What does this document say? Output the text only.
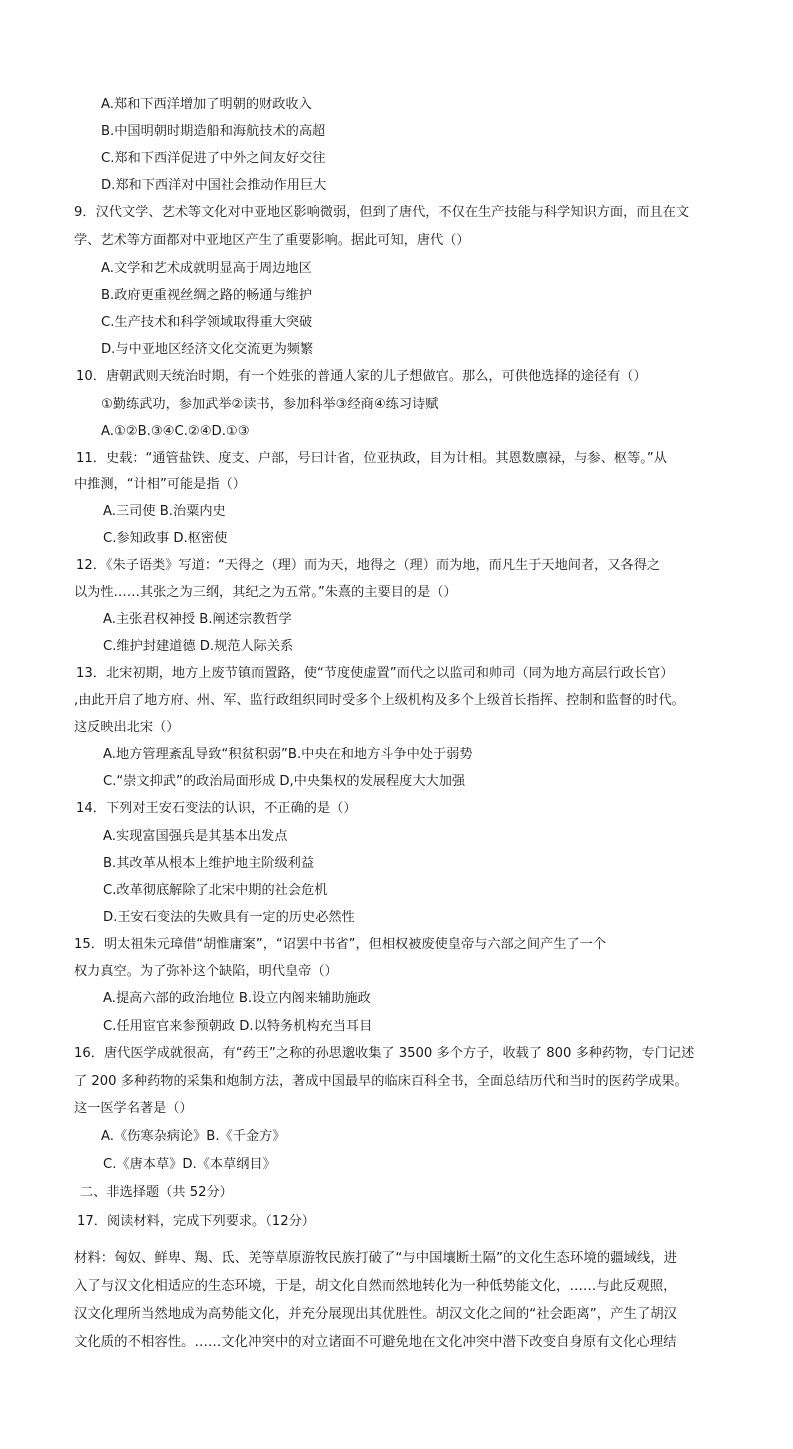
A.郑和下西洋增加了明朝的财政收入
B.中国明朝时期造船和海航技术的高超
C.郑和下西洋促进了中外之间友好交往
D.郑和下西洋对中国社会推动作用巨大
9．汉代文学、艺术等文化对中亚地区影响微弱，但到了唐代，不仅在生产技能与科学知识方面，而且在文
学、艺术等方面都对中亚地区产生了重要影响。据此可知，唐代（）
A.文学和艺术成就明显高于周边地区
B.政府更重视丝绸之路的畅通与维护
C.生产技术和科学领域取得重大突破
D.与中亚地区经济文化交流更为频繁
10．唐朝武则天统治时期，有一个姓张的普通人家的儿子想做官。那么，可供他选择的途径有（）
①勤练武功，参加武举②读书，参加科举③经商④练习诗赋
A.①②B.③④C.②④D.①③
11．史载：“通管盐铁、度支、户部，号曰计省，位亚执政，目为计相。其恩数廪禄，与参、枢等。”从
中推测，“计相”可能是指（）
A.三司使 B.治粟内史
C.参知政事 D.枢密使
12．《朱子语类》写道：“天得之（理）而为天，地得之（理）而为地，而凡生于天地间者，又各得之
以为性……其张之为三纲，其纪之为五常。”朱熹的主要目的是（）
A.主张君权神授 B.阐述宗教哲学
C.维护封建道德 D.规范人际关系
13．北宋初期，地方上废节镇而置路，使“节度使虚置”而代之以监司和帅司（同为地方高层行政长官）
,由此开启了地方府、州、军、监行政组织同时受多个上级机构及多个上级首长指挥、控制和监督的时代。
这反映出北宋（）
A.地方管理紊乱导致“积贫积弱”B.中央在和地方斗争中处于弱势
C.“崇文抑武”的政治局面形成 D,中央集权的发展程度大大加强
14．下列对王安石变法的认识，不正确的是（）
A.实现富国强兵是其基本出发点
B.其改革从根本上维护地主阶级利益
C.改革彻底解除了北宋中期的社会危机
D.王安石变法的失败具有一定的历史必然性
15．明太祖朱元璋借“胡惟庸案”，“诏罢中书省”，但相权被废使皇帝与六部之间产生了一个
权力真空。为了弥补这个缺陷，明代皇帝（）
A.提高六部的政治地位 B.设立内阁来辅助施政
C.任用宦官来参预朝政 D.以特务机构充当耳目
16．唐代医学成就很高，有“药王”之称的孙思邈收集了 3500 多个方子，收载了 800 多种药物，专门记述
了 200 多种药物的采集和炮制方法，著成中国最早的临床百科全书，全面总结历代和当时的医药学成果。
这一医学名著是（）
A.《伤寒杂病论》B.《千金方》
C.《唐本草》D.《本草纲目》
二、非选择题（共 52分）
17．阅读材料，完成下列要求。（12分）
材料：匈奴、鲜卑、羯、氐、羌等草原游牧民族打破了“与中国壤断土隔”的文化生态环境的疆域线，进
入了与汉文化相适应的生态环境，于是，胡文化自然而然地转化为一种低势能文化，……与此反观照，
汉文化理所当然地成为高势能文化，并充分展现出其优胜性。胡汉文化之间的“社会距离”，产生了胡汉
文化质的不相容性。……文化冲突中的对立诸面不可避免地在文化冲突中潜下改变自身原有文化心理结
